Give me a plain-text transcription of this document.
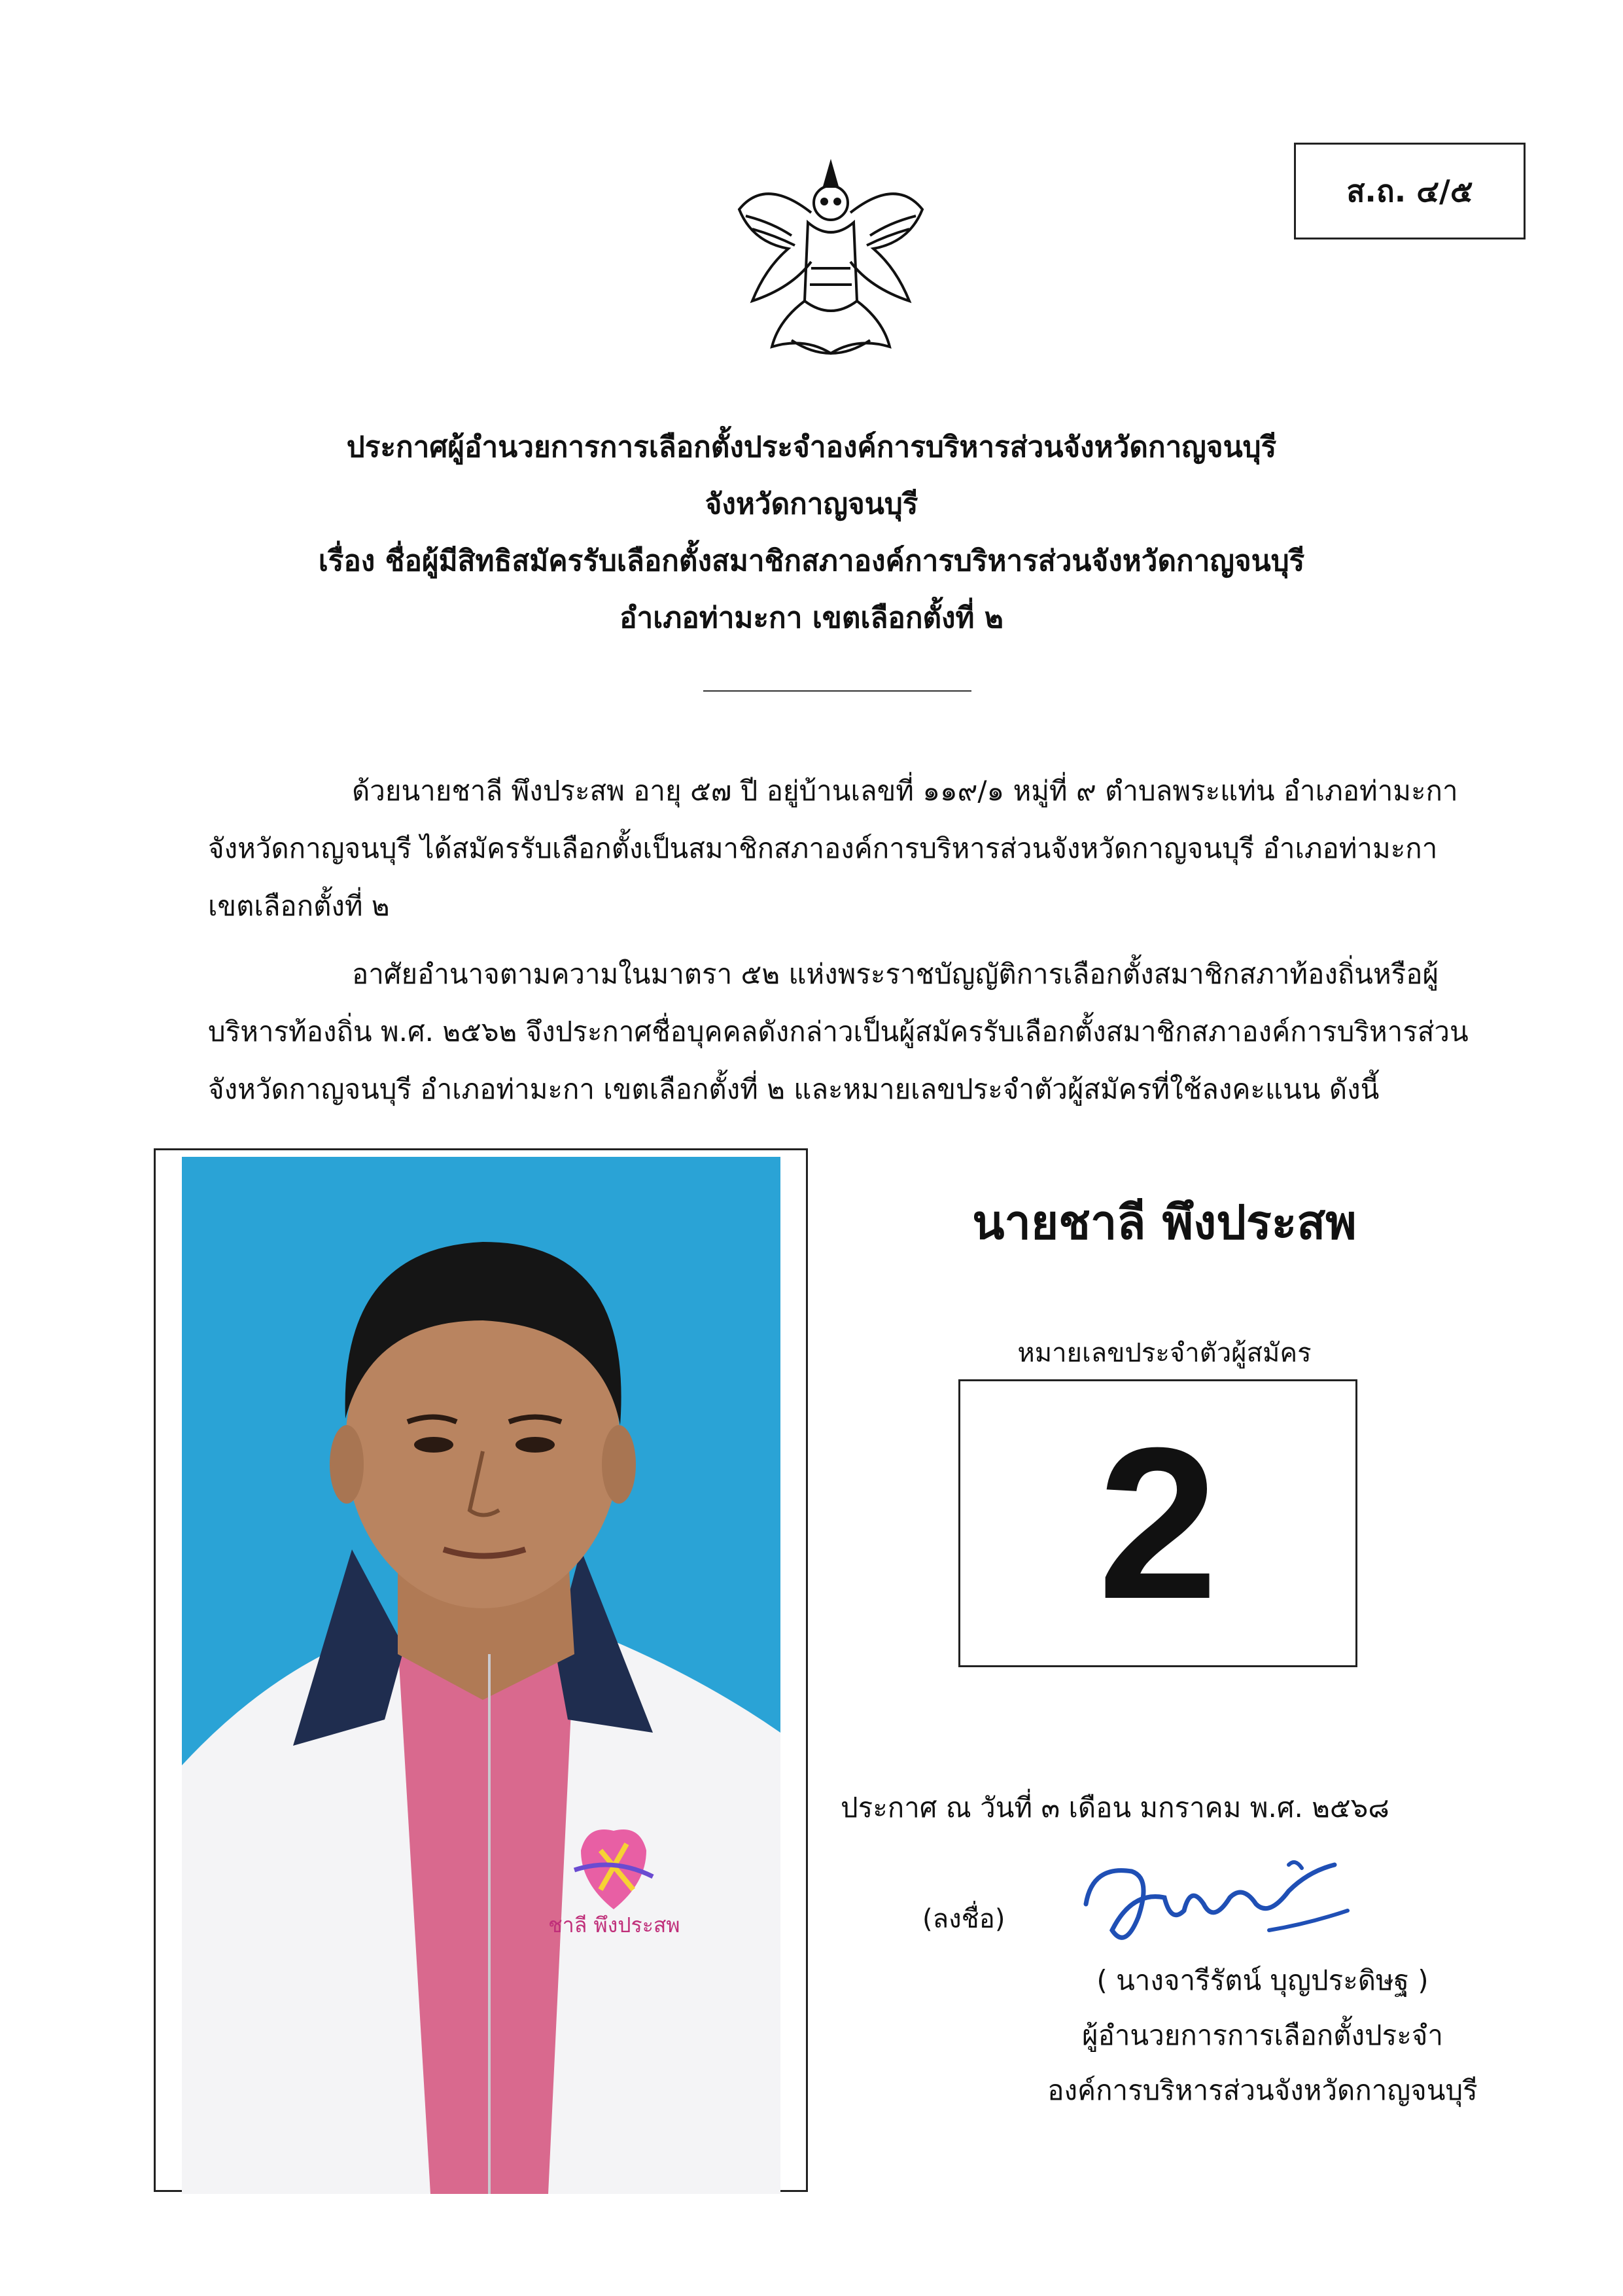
ส.ถ. ๔/๕
ประกาศผู้อำนวยการการเลือกตั้งประจำองค์การบริหารส่วนจังหวัดกาญจนบุรี
จังหวัดกาญจนบุรี
เรื่อง ชื่อผู้มีสิทธิสมัครรับเลือกตั้งสมาชิกสภาองค์การบริหารส่วนจังหวัดกาญจนบุรี
อำเภอท่ามะกา เขตเลือกตั้งที่ ๒

ด้วยนายชาลี พึงประสพ อายุ ๕๗ ปี อยู่บ้านเลขที่ ๑๑๙/๑ หมู่ที่ ๙ ตำบลพระแท่น อำเภอท่ามะกา จังหวัดกาญจนบุรี ได้สมัครรับเลือกตั้งเป็นสมาชิกสภาองค์การบริหารส่วนจังหวัดกาญจนบุรี อำเภอท่ามะกา เขตเลือกตั้งที่ ๒

อาศัยอำนาจตามความในมาตรา ๕๒ แห่งพระราชบัญญัติการเลือกตั้งสมาชิกสภาท้องถิ่นหรือผู้บริหารท้องถิ่น พ.ศ. ๒๕๖๒ จึงประกาศชื่อบุคคลดังกล่าวเป็นผู้สมัครรับเลือกตั้งสมาชิกสภาองค์การบริหารส่วนจังหวัดกาญจนบุรี อำเภอท่ามะกา เขตเลือกตั้งที่ ๒ และหมายเลขประจำตัวผู้สมัครที่ใช้ลงคะแนน ดังนี้

ชาลี พึงประสพ
นายชาลี พึงประสพ
หมายเลขประจำตัวผู้สมัคร
2
ประกาศ ณ วันที่ ๓ เดือน มกราคม พ.ศ. ๒๕๖๘
(ลงชื่อ)
( นางจารีรัตน์ บุญประดิษฐ )
ผู้อำนวยการการเลือกตั้งประจำ
องค์การบริหารส่วนจังหวัดกาญจนบุรี
